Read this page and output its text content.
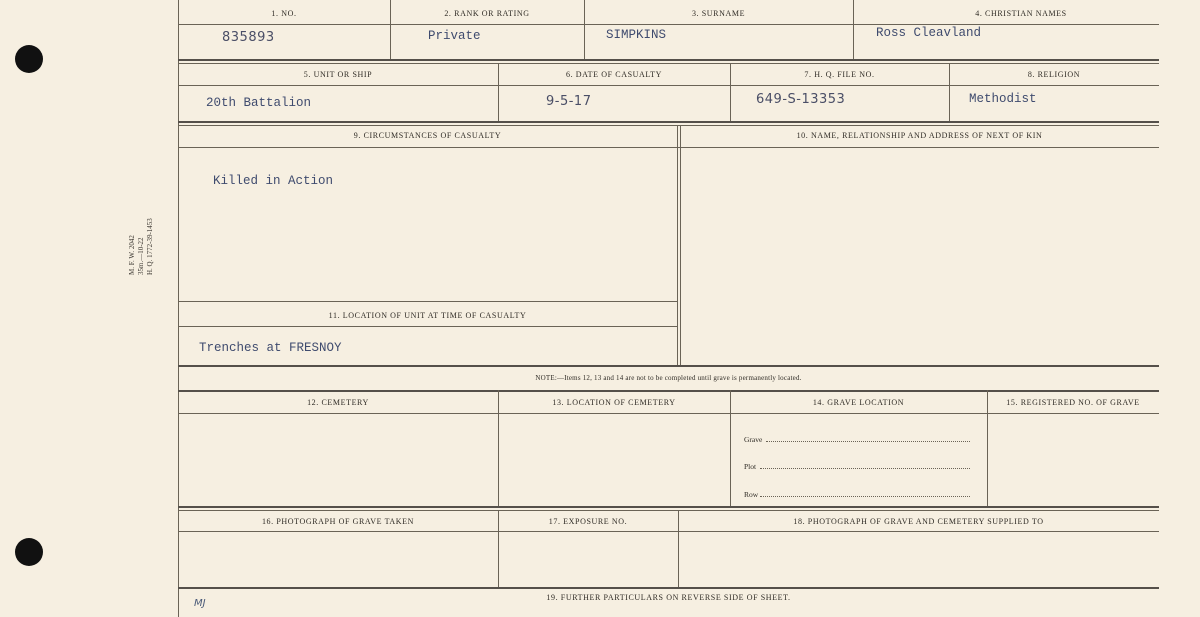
M. F. W. 2042 35m.—10-22 H. Q. 1772-39-1453
1. NO.	2. RANK OR RATING	3. SURNAME	4. CHRISTIAN NAMES
835893	Private	SIMPKINS	Ross Cleavland
5. UNIT OR SHIP	6. DATE OF CASUALTY	7. H. Q. FILE NO.	8. RELIGION
20th Battalion	9-5-17	649-S-13353	Methodist
9. CIRCUMSTANCES OF CASUALTY	10. NAME, RELATIONSHIP AND ADDRESS OF NEXT OF KIN
Killed in Action
11. LOCATION OF UNIT AT TIME OF CASUALTY
Trenches at FRESNOY
NOTE:—Items 12, 13 and 14 are not to be completed until grave is permanently located.
12. CEMETERY	13. LOCATION OF CEMETERY	14. GRAVE LOCATION	15. REGISTERED NO. OF GRAVE
Grave
Plot
Row
16. PHOTOGRAPH OF GRAVE TAKEN	17. EXPOSURE NO.	18. PHOTOGRAPH OF GRAVE AND CEMETERY SUPPLIED TO
19. FURTHER PARTICULARS ON REVERSE SIDE OF SHEET.
MJ
